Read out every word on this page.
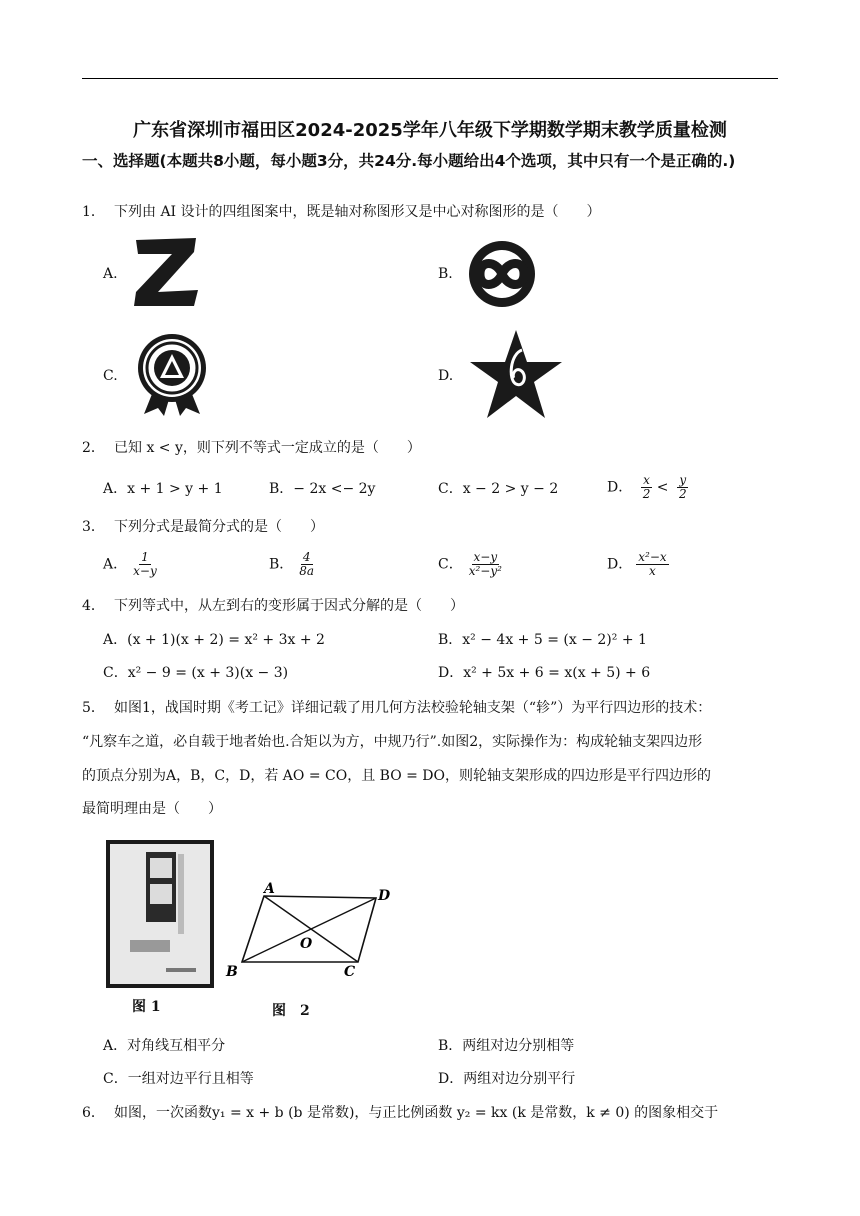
广东省深圳市福田区2024-2025学年八年级下学期数学期末教学质量检测
一、选择题(本题共8小题，每小题3分，共24分.每小题给出4个选项，其中只有一个是正确的.)
1． 下列由 AI 设计的四组图案中，既是轴对称图形又是中心对称图形的是（　　）
A.	B.
C.	D.
2． 已知 x < y，则下列不等式一定成立的是（　　）
A．x + 1 > y + 1	B．− 2x <− 2y	C．x − 2 > y − 2	D． $\frac{x}{2} < \frac{y}{2}$
3． 下列分式是最简分式的是（　　）
A． $\frac{1}{x-y}$	B． $\frac{4}{8a}$	C． $\frac{x-y}{\text{x²−y²}}$	D． $\frac{\text{x²−x}}{x}$
4． 下列等式中，从左到右的变形属于因式分解的是（　　）
A．(x + 1)(x + 2) = x² + 3x + 2	B．x² − 4x + 5 = (x − 2)² + 1
C．x² − 9 = (x + 3)(x − 3)	D．x² + 5x + 6 = x(x + 5) + 6
5． 如图1，战国时期《考工记》详细记载了用几何方法校验轮轴支架（“轸”）为平行四边形的技术：
“凡察车之道，必自载于地者始也.合矩以为方，中规乃行”.如图2，实际操作为：构成轮轴支架四边形
的顶点分别为A，B，C，D，若 AO = CO，且 BO = DO，则轮轴支架形成的四边形是平行四边形的
最简明理由是（　　）
图 1
A
B	C
D
O
图　2
A．对角线互相平分	B．两组对边分别相等
C．一组对边平行且相等	D．两组对边分别平行
6． 如图，一次函数y₁ = x + b (b 是常数)，与正比例函数 y₂ = kx (k 是常数，k ≠ 0) 的图象相交于
